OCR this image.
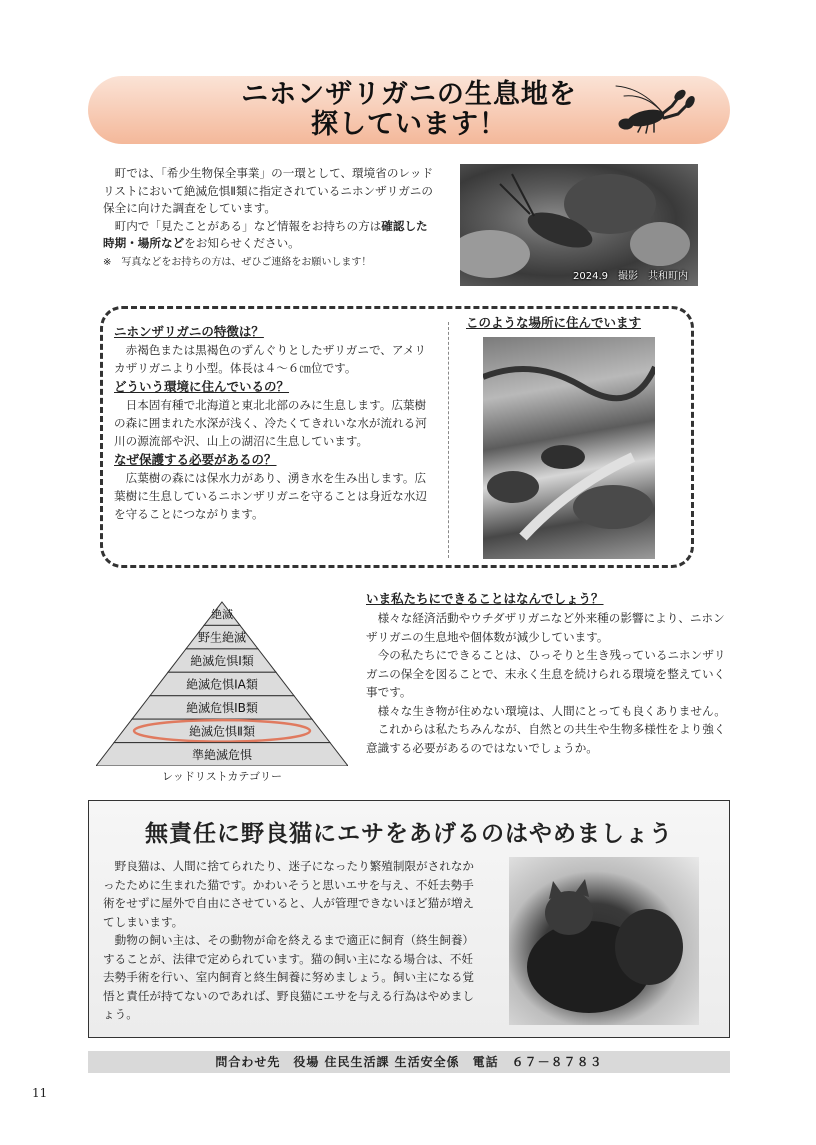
ニホンザリガニの生息地を
探しています！

町では、「希少生物保全事業」の一環として、環境省のレッドリストにおいて絶滅危惧Ⅱ類に指定されているニホンザリガニの保全に向けた調査をしています。

町内で「見たことがある」など情報をお持ちの方は確認した時期・場所などをお知らせください。

※　写真などをお持ちの方は、ぜひご連絡をお願いします！

2024.9　撮影　共和町内
ニホンザリガニの特徴は？

赤褐色または黒褐色のずんぐりとしたザリガニで、アメリカザリガニより小型。体長は４～６㎝位です。

どういう環境に住んでいるの？

日本固有種で北海道と東北北部のみに生息します。広葉樹の森に囲まれた水深が浅く、冷たくてきれいな水が流れる河川の源流部や沢、山上の湖沼に生息しています。

なぜ保護する必要があるの？

広葉樹の森には保水力があり、湧き水を生み出します。広葉樹に生息しているニホンザリガニを守ることは身近な水辺を守ることにつながります。

このような場所に住んでいます
絶滅
野生絶滅
絶滅危惧Ⅰ類
絶滅危惧ⅠA類
絶滅危惧ⅠB類
絶滅危惧Ⅱ類
準絶滅危惧
レッドリストカテゴリー
いま私たちにできることはなんでしょう？

様々な経済活動やウチダザリガニなど外来種の影響により、ニホンザリガニの生息地や個体数が減少しています。

今の私たちにできることは、ひっそりと生き残っているニホンザリガニの保全を図ることで、末永く生息を続けられる環境を整えていく事です。

様々な生き物が住めない環境は、人間にとっても良くありません。

これからは私たちみんなが、自然との共生や生物多様性をより強く意識する必要があるのではないでしょうか。

無責任に野良猫にエサをあげるのはやめましょう

野良猫は、人間に捨てられたり、迷子になったり繁殖制限がされなかったために生まれた猫です。かわいそうと思いエサを与え、不妊去勢手術をせずに屋外で自由にさせていると、人が管理できないほど猫が増えてしまいます。

動物の飼い主は、その動物が命を終えるまで適正に飼育（終生飼養）することが、法律で定められています。猫の飼い主になる場合は、不妊去勢手術を行い、室内飼育と終生飼養に努めましょう。飼い主になる覚悟と責任が持てないのであれば、野良猫にエサを与える行為はやめましょう。

問合わせ先　役場 住民生活課 生活安全係　電話　６７－８７８３
11
